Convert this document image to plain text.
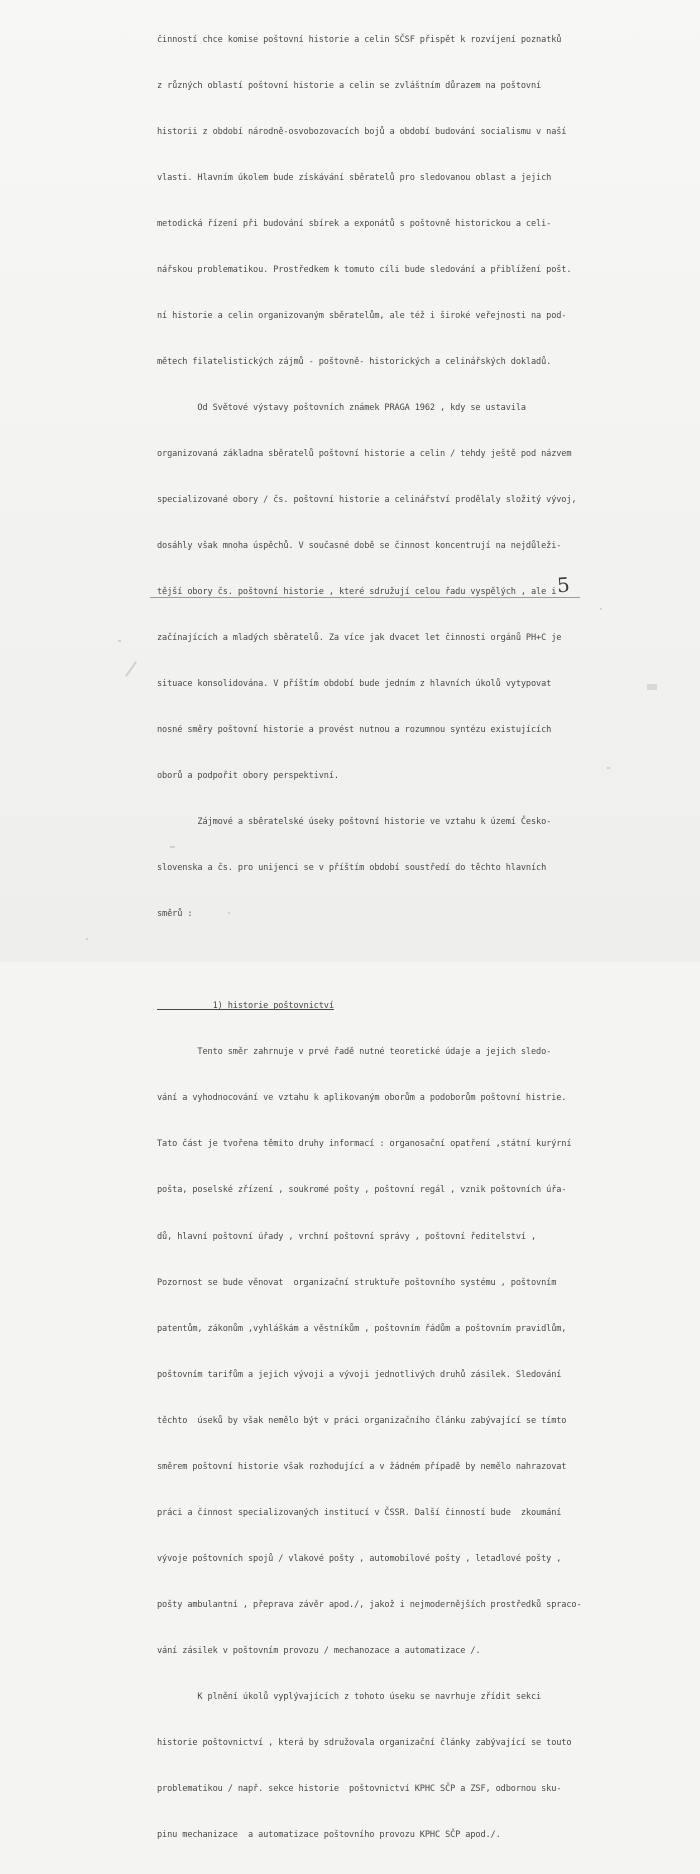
činností chce komise poštovní historie a celin SČSF přispět k rozvíjení poznatků

z různých oblastí poštovní historie a celin se zvláštním důrazem na poštovní

historii z období národně-osvobozovacích bojů a období budování socialismu v naší

vlasti. Hlavním úkolem bude získávání sběratelů pro sledovanou oblast a jejich

metodická řízení při budování sbírek a exponátů s poštovně historickou a celi-

nářskou problematikou. Prostředkem k tomuto cíli bude sledování a přiblížení pošt.

ní historie a celin organizovaným sběratelům, ale též i široké veřejnosti na pod-

mětech filatelistických zájmů - poštovně- historických a celinářských dokladů.

Od Světové výstavy poštovních známek PRAGA 1962 , kdy se ustavila

organizovaná základna sběratelů poštovní historie a celin / tehdy ještě pod názvem

specializované obory / čs. poštovní historie a celinářství prodělaly složitý vývoj,

dosáhly však mnoha úspěchů. V současné době se činnost koncentrují na nejdůleži-

tější obory čs. poštovní historie , které sdružují celou řadu vyspělých , ale i

začínajících a mladých sběratelů. Za více jak dvacet let činnosti orgánů PH+C je

situace konsolidována. V příštím období bude jedním z hlavních úkolů vytypovat

nosné směry poštovní historie a provést nutnou a rozumnou syntézu existujících

oborů a podpořit obory perspektivní.

Zájmové a sběratelské úseky poštovní historie ve vztahu k území Česko-

slovenska a čs. pro unijenci se v příštím období soustředí do těchto hlavních

směrů :

1) historie poštovnictví

Tento směr zahrnuje v prvé řadě nutné teoretické údaje a jejich sledo-

vání a vyhodnocování ve vztahu k aplikovaným oborům a podoborům poštovní histrie.

Tato část je tvořena těmito druhy informací : organosační opatření ,státní kurýrní

pošta, poselské zřízení , soukromé pošty , poštovní regál , vznik poštovních úřa-

dů, hlavní poštovní úřady , vrchní poštovní správy , poštovní ředitelství ,

Pozornost se bude věnovat  organizační struktuře poštovního systému , poštovním

patentům, zákonům ,vyhláškám a věstníkům , poštovním řádům a poštovním pravidlům,

poštovním tarifům a jejich vývoji a vývoji jednotlivých druhů zásilek. Sledování

těchto  úseků by však nemělo být v práci organizačního článku zabývající se tímto

směrem poštovní historie však rozhodující a v žádném případě by nemělo nahrazovat

práci a činnost specializovaných institucí v ČSSR. Další činností bude  zkoumání

vývoje poštovních spojů / vlakové pošty , automobilové pošty , letadlové pošty ,

pošty ambulantní , přeprava závěr apod./, jakož i nejmodernějších prostředků spraco-

vání zásilek v poštovním provozu / mechanozace a automatizace /.

K plnění úkolů vyplývajících z tohoto úseku se navrhuje zřídit sekci

historie poštovnictví , která by sdružovala organizační články zabývající se touto

problematikou / např. sekce historie  poštovnictví KPHC SČP a ZSF, odbornou sku-

pinu mechanizace  a automatizace poštovního provozu KPHC SČP apod./.

5
